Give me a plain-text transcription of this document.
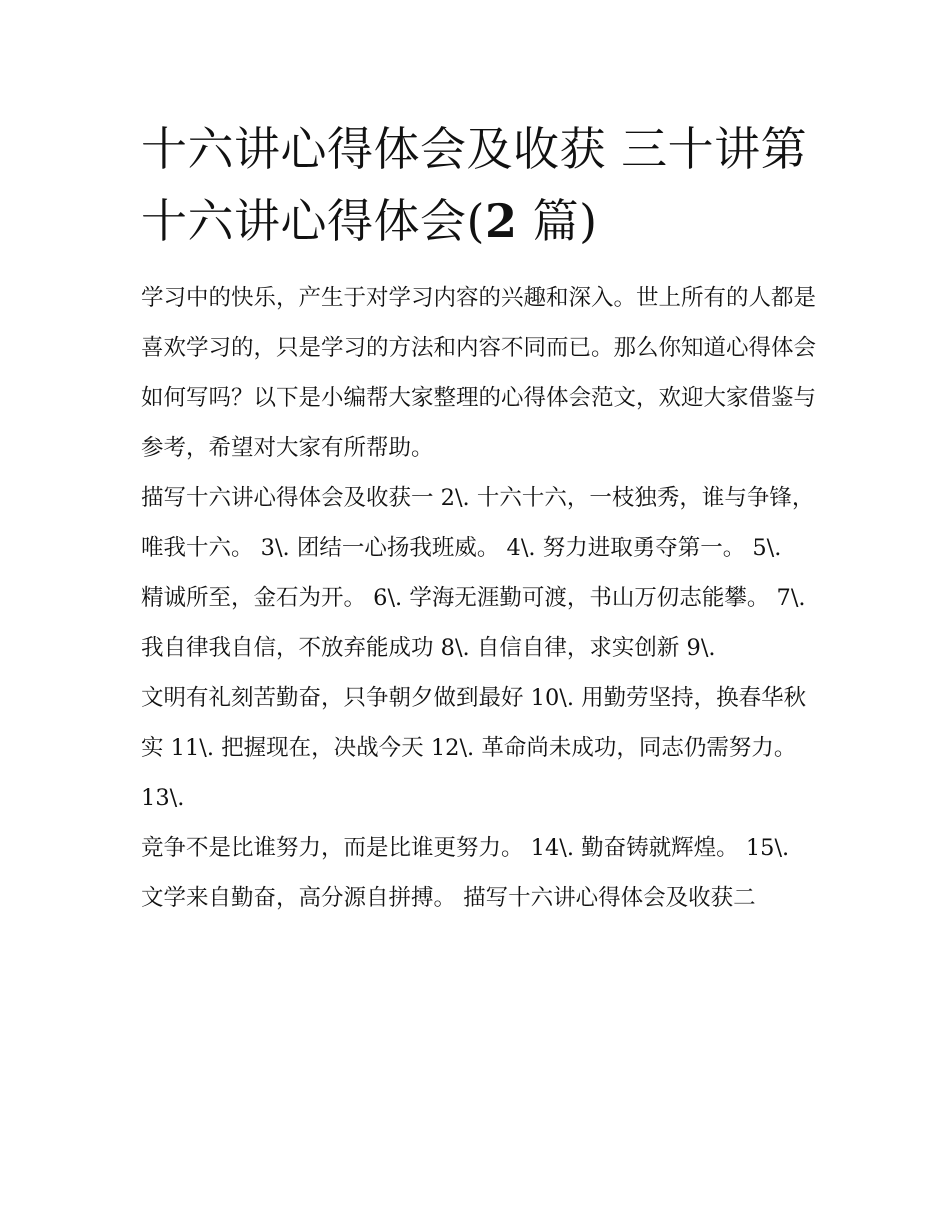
十六讲心得体会及收获 三十讲第十六讲心得体会(2 篇)

学习中的快乐，产生于对学习内容的兴趣和深入。世上所有的人都是喜欢学习的，只是学习的方法和内容不同而已。那么你知道心得体会如何写吗？以下是小编帮大家整理的心得体会范文，欢迎大家借鉴与参考，希望对大家有所帮助。

描写十六讲心得体会及收获一 2\. 十六十六，一枝独秀，谁与争锋，唯我十六。 3\. 团结一心扬我班威。 4\. 努力进取勇夺第一。 5\.

精诚所至，金石为开。 6\. 学海无涯勤可渡，书山万仞志能攀。 7\. 我自律我自信，不放弃能成功 8\. 自信自律，求实创新 9\.

文明有礼刻苦勤奋，只争朝夕做到最好 10\. 用勤劳坚持，换春华秋实 11\. 把握现在，决战今天 12\. 革命尚未成功，同志仍需努力。 13\.

竞争不是比谁努力，而是比谁更努力。 14\. 勤奋铸就辉煌。 15\. 文学来自勤奋，高分源自拼搏。 描写十六讲心得体会及收获二
